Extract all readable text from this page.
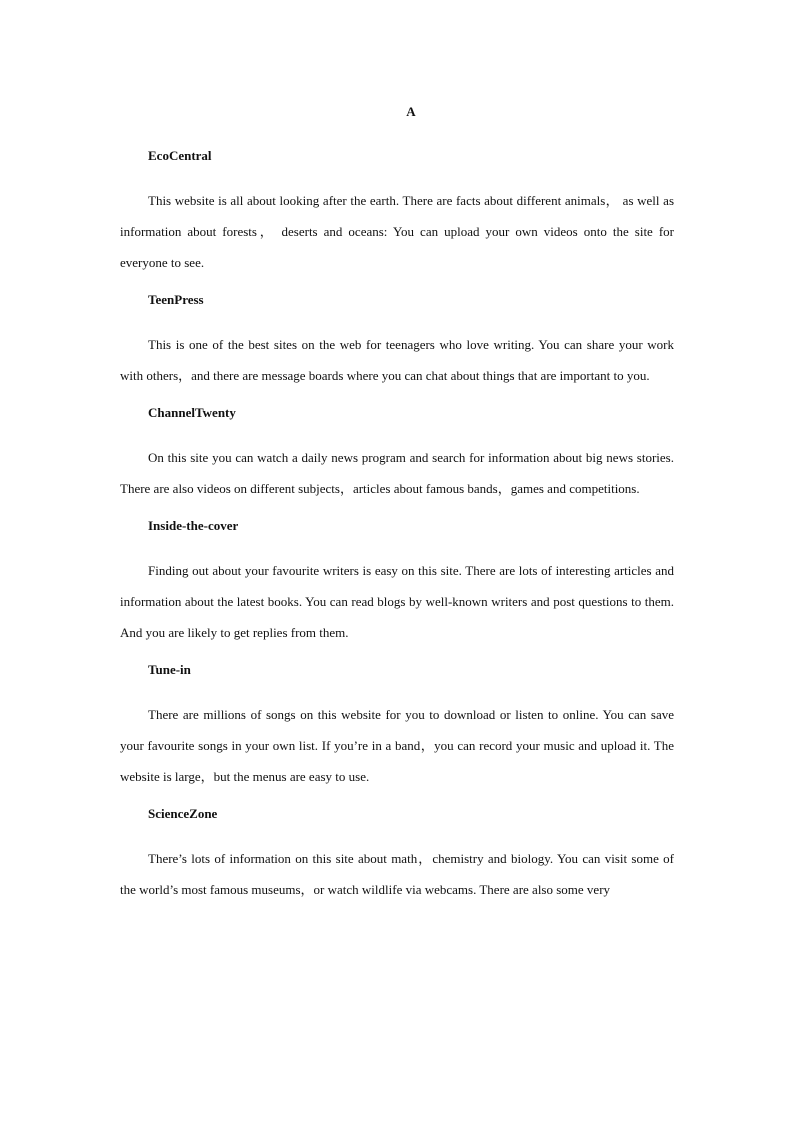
A
EcoCentral

This website is all about looking after the earth. There are facts about different animals， as well as information about forests， deserts and oceans: You can upload your own videos onto the site for everyone to see.

TeenPress

This is one of the best sites on the web for teenagers who love writing. You can share your work with others，and there are message boards where you can chat about things that are important to you.

ChannelTwenty

On this site you can watch a daily news program and search for information about big news stories. There are also videos on different subjects，articles about famous bands，games and competitions.

Inside-the-cover

Finding out about your favourite writers is easy on this site. There are lots of interesting articles and information about the latest books. You can read blogs by well-known writers and post questions to them. And you are likely to get replies from them.

Tune-in

There are millions of songs on this website for you to download or listen to online. You can save your favourite songs in your own list. If you’re in a band，you can record your music and upload it. The website is large，but the menus are easy to use.

ScienceZone

There’s lots of information on this site about math，chemistry and biology. You can visit some of the world’s most famous museums，or watch wildlife via webcams. There are also some very
